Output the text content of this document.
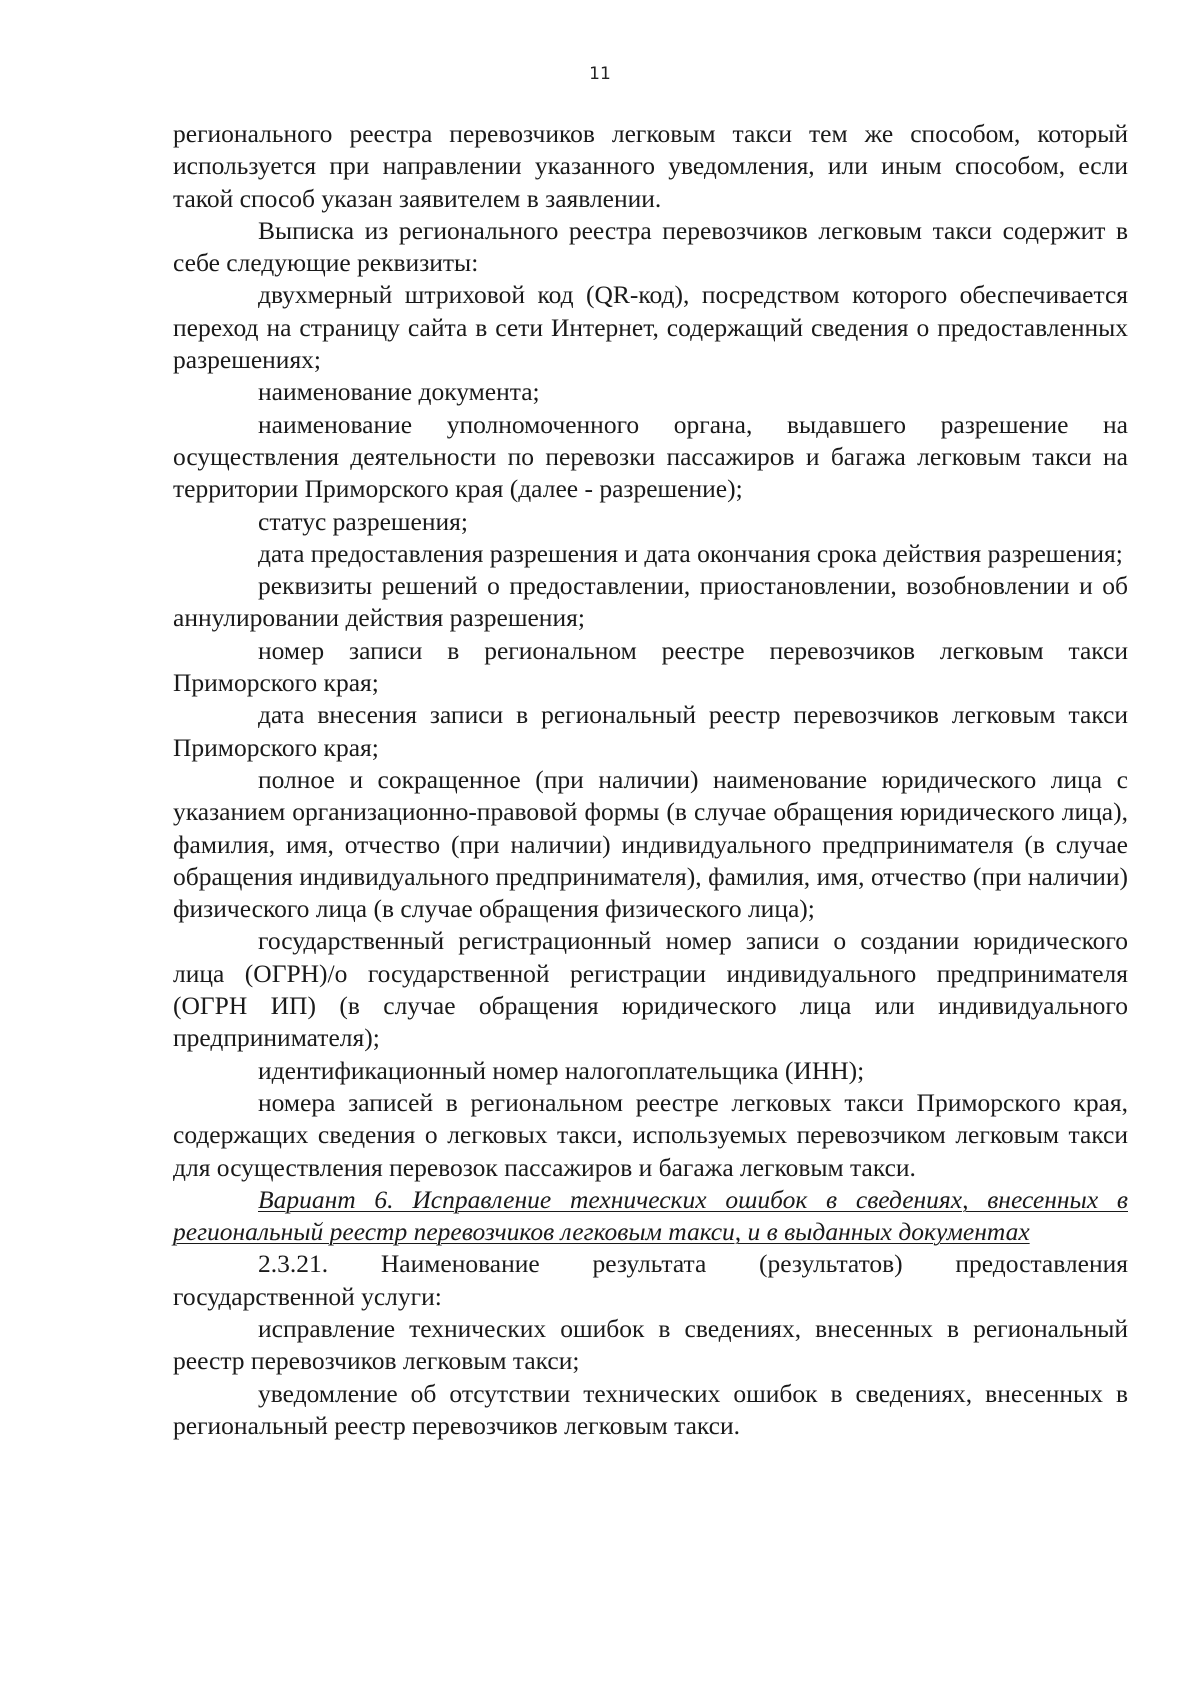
11

регионального реестра перевозчиков легковым такси тем же способом, который используется при направлении указанного уведомления, или иным способом, если такой способ указан заявителем в заявлении.

Выписка из регионального реестра перевозчиков легковым такси содержит в себе следующие реквизиты:

двухмерный штриховой код (QR-код), посредством которого обеспечивается переход на страницу сайта в сети Интернет, содержащий сведения о предоставленных разрешениях;

наименование документа;

наименование уполномоченного органа, выдавшего разрешение на осуществления деятельности по перевозки пассажиров и багажа легковым такси на территории Приморского края (далее - разрешение);

статус разрешения;

дата предоставления разрешения и дата окончания срока действия разрешения;

реквизиты решений о предоставлении, приостановлении, возобновлении и об аннулировании действия разрешения;

номер записи в региональном реестре перевозчиков легковым такси Приморского края;

дата внесения записи в региональный реестр перевозчиков легковым такси Приморского края;

полное и сокращенное (при наличии) наименование юридического лица с указанием организационно-правовой формы (в случае обращения юридического лица), фамилия, имя, отчество (при наличии) индивидуального предпринимателя (в случае обращения индивидуального предпринимателя), фамилия, имя, отчество (при наличии) физического лица (в случае обращения физического лица);

государственный регистрационный номер записи о создании юридического лица (ОГРН)/о государственной регистрации индивидуального предпринимателя (ОГРН ИП) (в случае обращения юридического лица или индивидуального предпринимателя);

идентификационный номер налогоплательщика (ИНН);

номера записей в региональном реестре легковых такси Приморского края, содержащих сведения о легковых такси, используемых перевозчиком легковым такси для осуществления перевозок пассажиров и багажа легковым такси.

Вариант 6. Исправление технических ошибок в сведениях, внесенных в региональный реестр перевозчиков легковым такси, и в выданных документах

2.3.21. Наименование результата (результатов) предоставления государственной услуги:

исправление технических ошибок в сведениях, внесенных в региональный реестр перевозчиков легковым такси;

уведомление об отсутствии технических ошибок в сведениях, внесенных в региональный реестр перевозчиков легковым такси.
